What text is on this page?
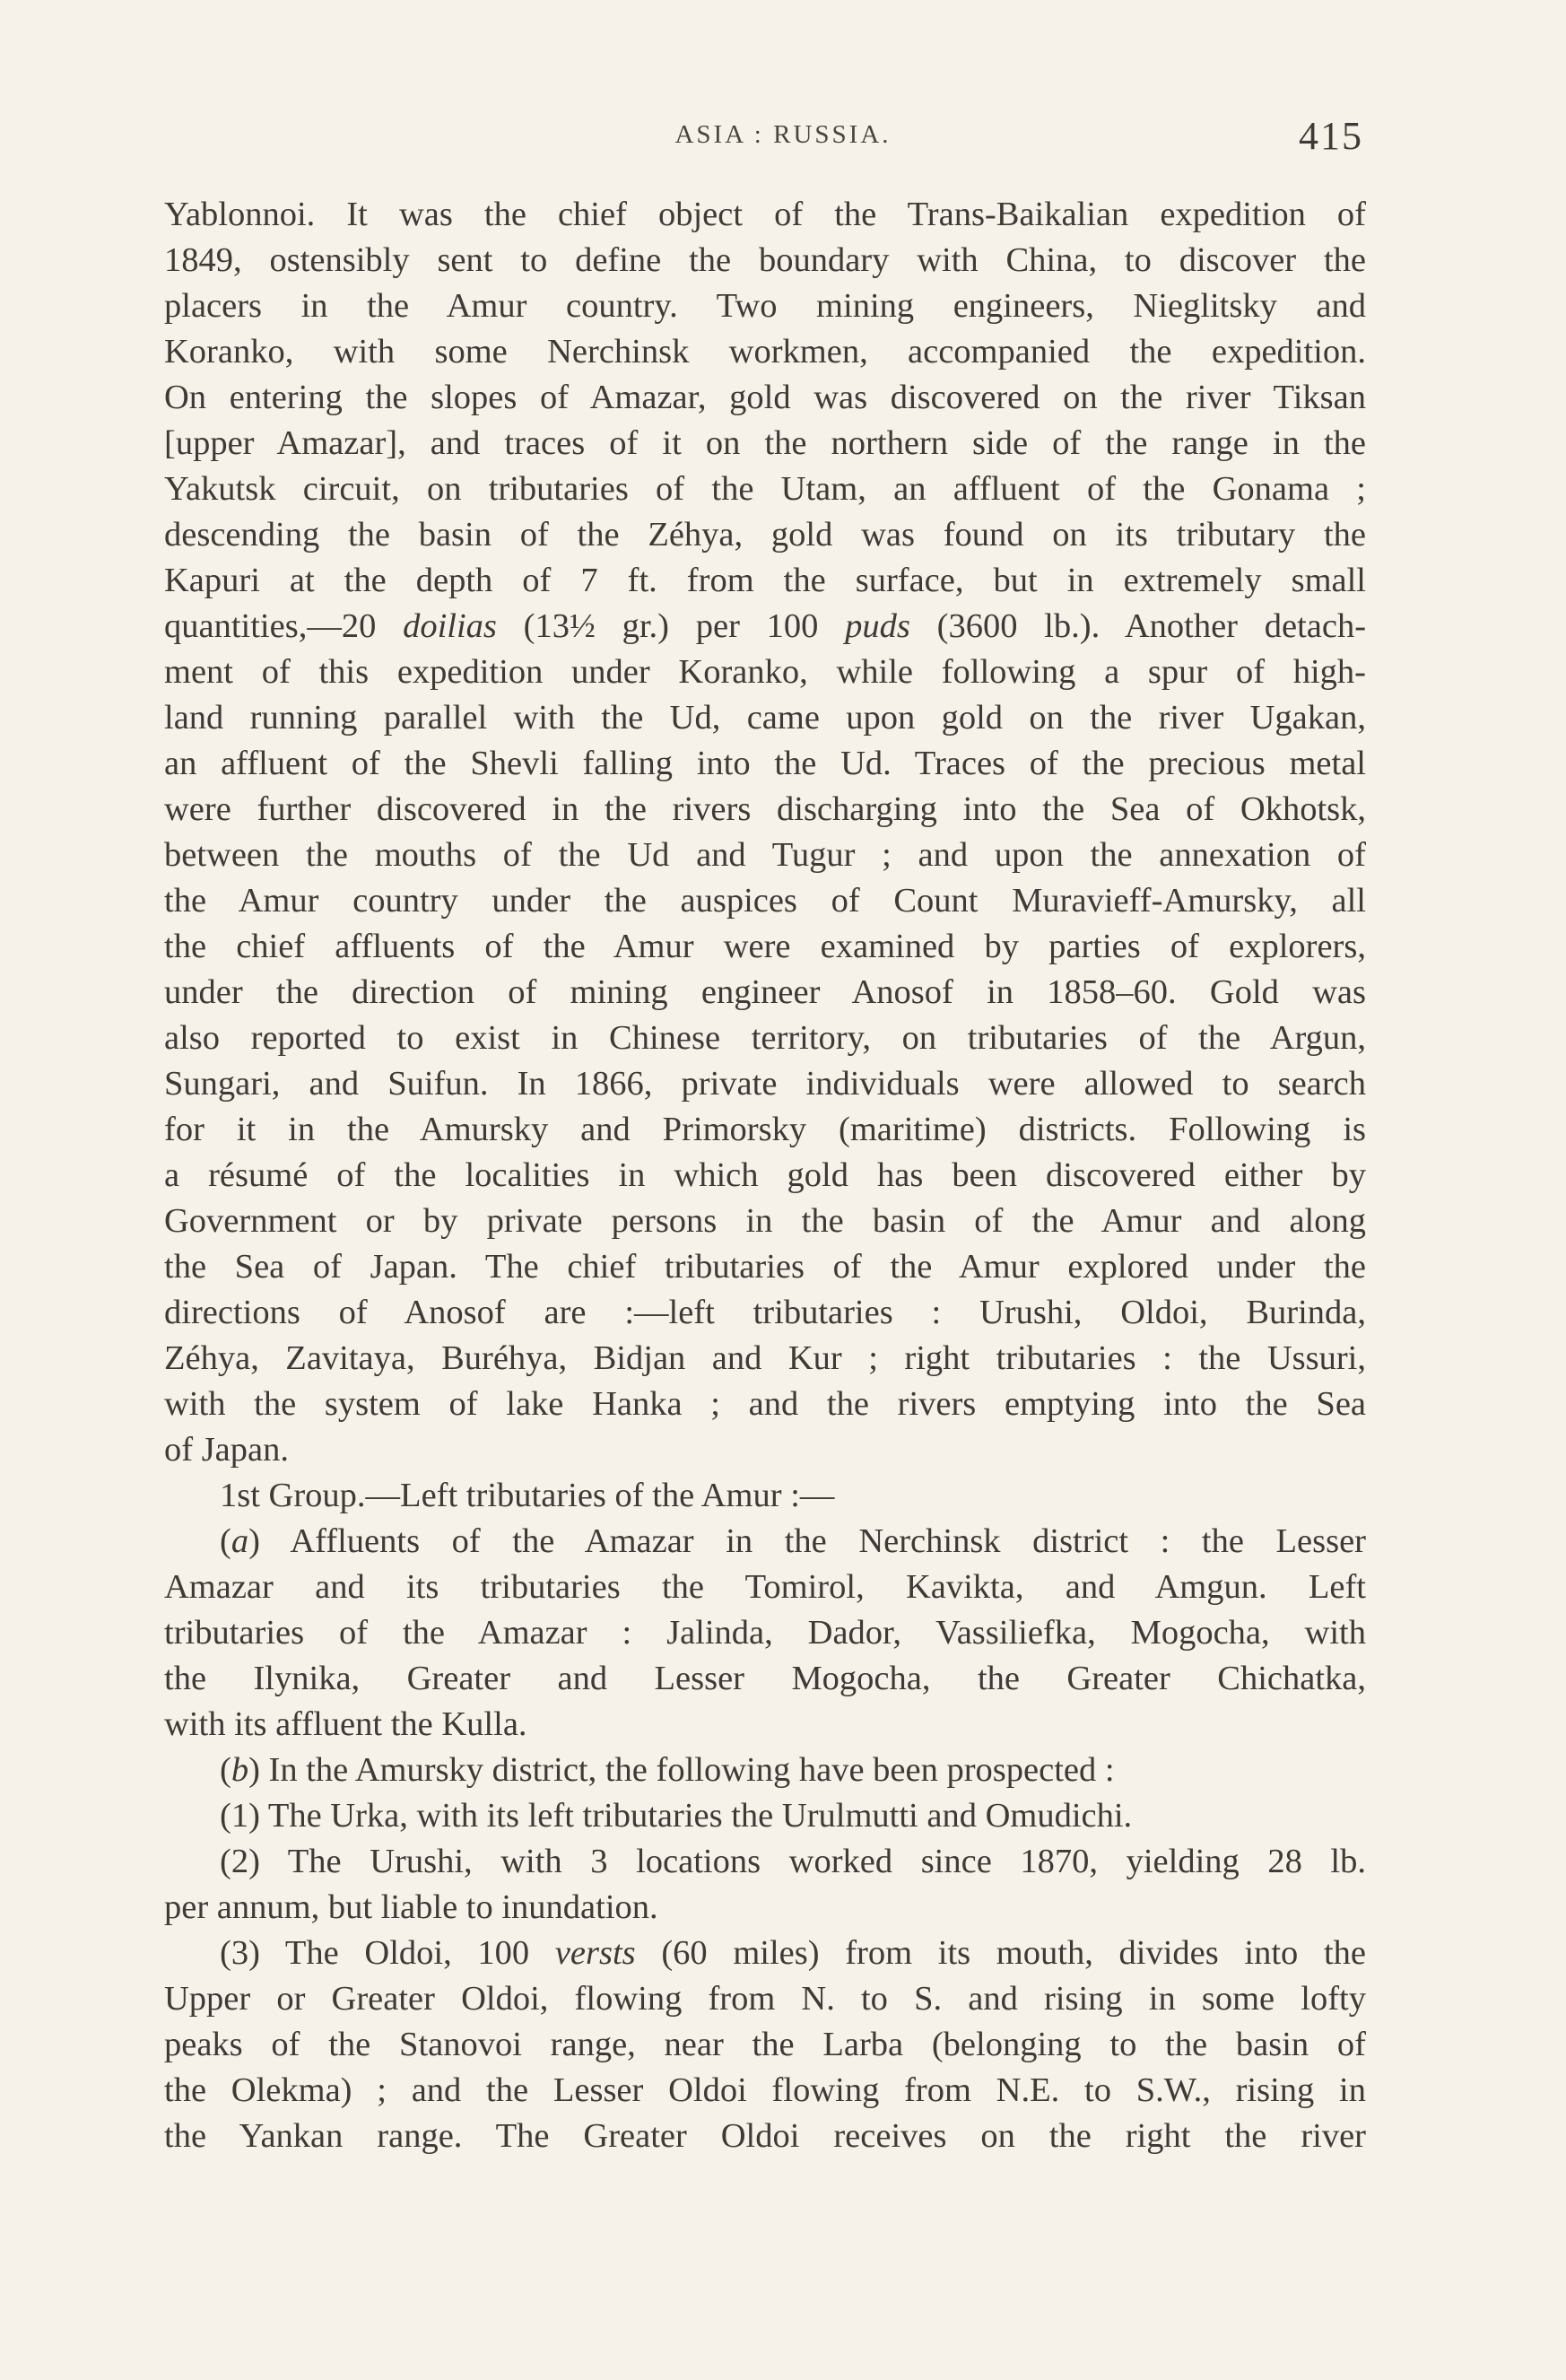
ASIA : RUSSIA.	415
Yablonnoi. It was the chief object of the Trans-Baikalian expedition of
1849, ostensibly sent to define the boundary with China, to discover the
placers in the Amur country. Two mining engineers, Nieglitsky and
Koranko, with some Nerchinsk workmen, accompanied the expedition.
On entering the slopes of Amazar, gold was discovered on the river Tiksan
[upper Amazar], and traces of it on the northern side of the range in the
Yakutsk circuit, on tributaries of the Utam, an affluent of the Gonama ;
descending the basin of the Zéhya, gold was found on its tributary the
Kapuri at the depth of 7 ft. from the surface, but in extremely small
quantities,—20 doilias (13½ gr.) per 100 puds (3600 lb.). Another detach-
ment of this expedition under Koranko, while following a spur of high-
land running parallel with the Ud, came upon gold on the river Ugakan,
an affluent of the Shevli falling into the Ud. Traces of the precious metal
were further discovered in the rivers discharging into the Sea of Okhotsk,
between the mouths of the Ud and Tugur ; and upon the annexation of
the Amur country under the auspices of Count Muravieff-Amursky, all
the chief affluents of the Amur were examined by parties of explorers,
under the direction of mining engineer Anosof in 1858–60. Gold was
also reported to exist in Chinese territory, on tributaries of the Argun,
Sungari, and Suifun. In 1866, private individuals were allowed to search
for it in the Amursky and Primorsky (maritime) districts. Following is
a résumé of the localities in which gold has been discovered either by
Government or by private persons in the basin of the Amur and along
the Sea of Japan. The chief tributaries of the Amur explored under the
directions of Anosof are :—left tributaries : Urushi, Oldoi, Burinda,
Zéhya, Zavitaya, Buréhya, Bidjan and Kur ; right tributaries : the Ussuri,
with the system of lake Hanka ; and the rivers emptying into the Sea
of Japan.
1st Group.—Left tributaries of the Amur :—
(a) Affluents of the Amazar in the Nerchinsk district : the Lesser
Amazar and its tributaries the Tomirol, Kavikta, and Amgun. Left
tributaries of the Amazar : Jalinda, Dador, Vassiliefka, Mogocha, with
the Ilynika, Greater and Lesser Mogocha, the Greater Chichatka,
with its affluent the Kulla.
(b) In the Amursky district, the following have been prospected :
(1) The Urka, with its left tributaries the Urulmutti and Omudichi.
(2) The Urushi, with 3 locations worked since 1870, yielding 28 lb.
per annum, but liable to inundation.
(3) The Oldoi, 100 versts (60 miles) from its mouth, divides into the
Upper or Greater Oldoi, flowing from N. to S. and rising in some lofty
peaks of the Stanovoi range, near the Larba (belonging to the basin of
the Olekma) ; and the Lesser Oldoi flowing from N.E. to S.W., rising in
the Yankan range. The Greater Oldoi receives on the right the river
